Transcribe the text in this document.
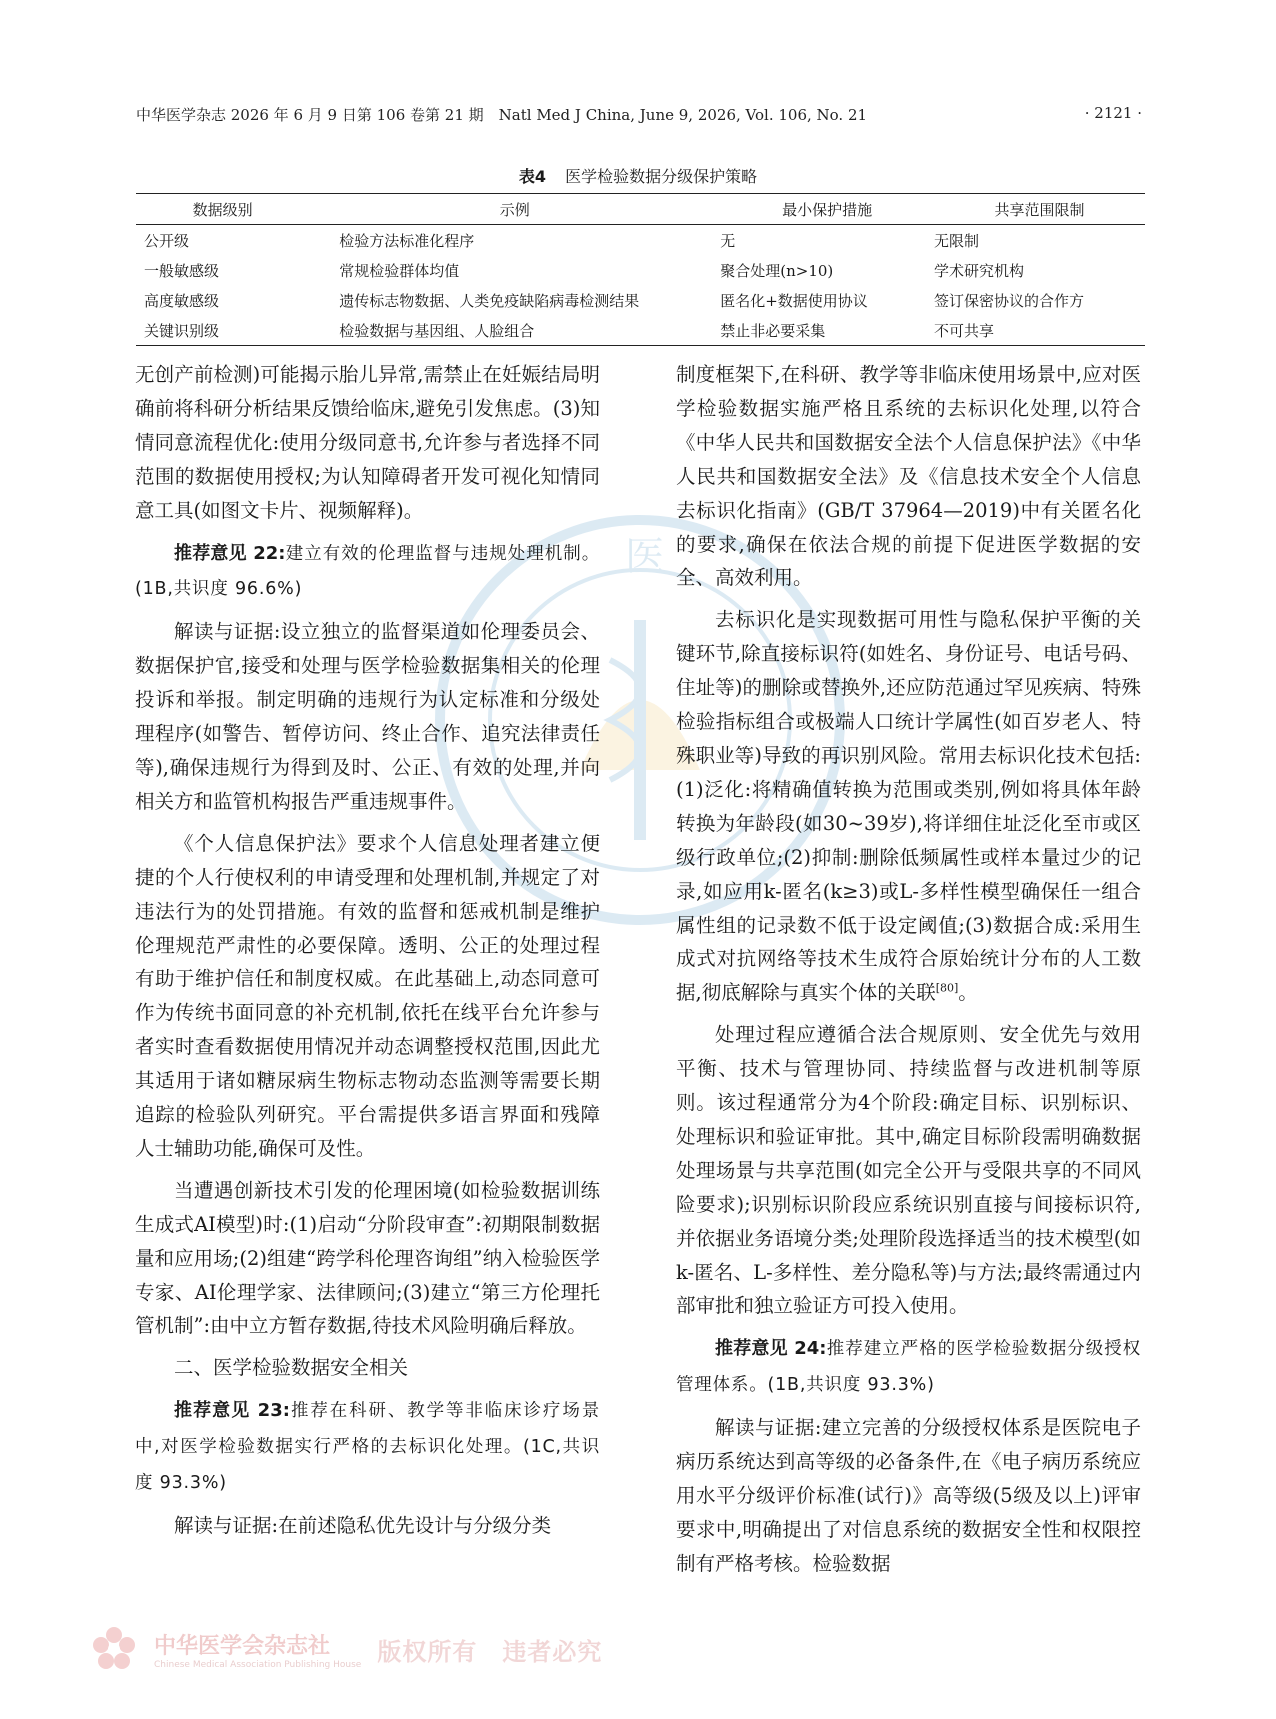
中华医学杂志 2026 年 6 月 9 日第 106 卷第 21 期　Natl Med J China, June 9, 2026, Vol. 106, No. 21	· 2121 ·
表4 医学检验数据分级保护策略
数据级别	示例	最小保护措施	共享范围限制
公开级	检验方法标准化程序	无	无限制
一般敏感级	常规检验群体均值	聚合处理(n>10)	学术研究机构
高度敏感级	遗传标志物数据、人类免疫缺陷病毒检测结果	匿名化+数据使用协议	签订保密协议的合作方
关键识别级	检验数据与基因组、人脸组合	禁止非必要采集	不可共享
医

无创产前检测)可能揭示胎儿异常,需禁止在妊娠结局明确前将科研分析结果反馈给临床,避免引发焦虑。(3)知情同意流程优化:使用分级同意书,允许参与者选择不同范围的数据使用授权;为认知障碍者开发可视化知情同意工具(如图文卡片、视频解释)。

推荐意见 22:建立有效的伦理监督与违规处理机制。(1B,共识度 96.6%)

解读与证据:设立独立的监督渠道如伦理委员会、数据保护官,接受和处理与医学检验数据集相关的伦理投诉和举报。制定明确的违规行为认定标准和分级处理程序(如警告、暂停访问、终止合作、追究法律责任等),确保违规行为得到及时、公正、有效的处理,并向相关方和监管机构报告严重违规事件。

《个人信息保护法》要求个人信息处理者建立便捷的个人行使权利的申请受理和处理机制,并规定了对违法行为的处罚措施。有效的监督和惩戒机制是维护伦理规范严肃性的必要保障。透明、公正的处理过程有助于维护信任和制度权威。在此基础上,动态同意可作为传统书面同意的补充机制,依托在线平台允许参与者实时查看数据使用情况并动态调整授权范围,因此尤其适用于诸如糖尿病生物标志物动态监测等需要长期追踪的检验队列研究。平台需提供多语言界面和残障人士辅助功能,确保可及性。

当遭遇创新技术引发的伦理困境(如检验数据训练生成式AI模型)时:(1)启动“分阶段审查”:初期限制数据量和应用场;(2)组建“跨学科伦理咨询组”纳入检验医学专家、AI伦理学家、法律顾问;(3)建立“第三方伦理托管机制”:由中立方暂存数据,待技术风险明确后释放。

二、医学检验数据安全相关

推荐意见 23:推荐在科研、教学等非临床诊疗场景中,对医学检验数据实行严格的去标识化处理。(1C,共识度 93.3%)

解读与证据:在前述隐私优先设计与分级分类

制度框架下,在科研、教学等非临床使用场景中,应对医学检验数据实施严格且系统的去标识化处理,以符合《中华人民共和国数据安全法个人信息保护法》《中华人民共和国数据安全法》及《信息技术安全个人信息去标识化指南》(GB/T 37964—2019)中有关匿名化的要求,确保在依法合规的前提下促进医学数据的安全、高效利用。

去标识化是实现数据可用性与隐私保护平衡的关键环节,除直接标识符(如姓名、身份证号、电话号码、住址等)的删除或替换外,还应防范通过罕见疾病、特殊检验指标组合或极端人口统计学属性(如百岁老人、特殊职业等)导致的再识别风险。常用去标识化技术包括:(1)泛化:将精确值转换为范围或类别,例如将具体年龄转换为年龄段(如30~39岁),将详细住址泛化至市或区级行政单位;(2)抑制:删除低频属性或样本量过少的记录,如应用k-匿名(k≥3)或L-多样性模型确保任一组合属性组的记录数不低于设定阈值;(3)数据合成:采用生成式对抗网络等技术生成符合原始统计分布的人工数据,彻底解除与真实个体的关联[80]。

处理过程应遵循合法合规原则、安全优先与效用平衡、技术与管理协同、持续监督与改进机制等原则。该过程通常分为4个阶段:确定目标、识别标识、处理标识和验证审批。其中,确定目标阶段需明确数据处理场景与共享范围(如完全公开与受限共享的不同风险要求);识别标识阶段应系统识别直接与间接标识符,并依据业务语境分类;处理阶段选择适当的技术模型(如k-匿名、L-多样性、差分隐私等)与方法;最终需通过内部审批和独立验证方可投入使用。

推荐意见 24:推荐建立严格的医学检验数据分级授权管理体系。(1B,共识度 93.3%)

解读与证据:建立完善的分级授权体系是医院电子病历系统达到高等级的必备条件,在《电子病历系统应用水平分级评价标准(试行)》高等级(5级及以上)评审要求中,明确提出了对信息系统的数据安全性和权限控制有严格考核。检验数据

中华医学会杂志社
Chinese Medical Association Publishing House 版权所有　违者必究
